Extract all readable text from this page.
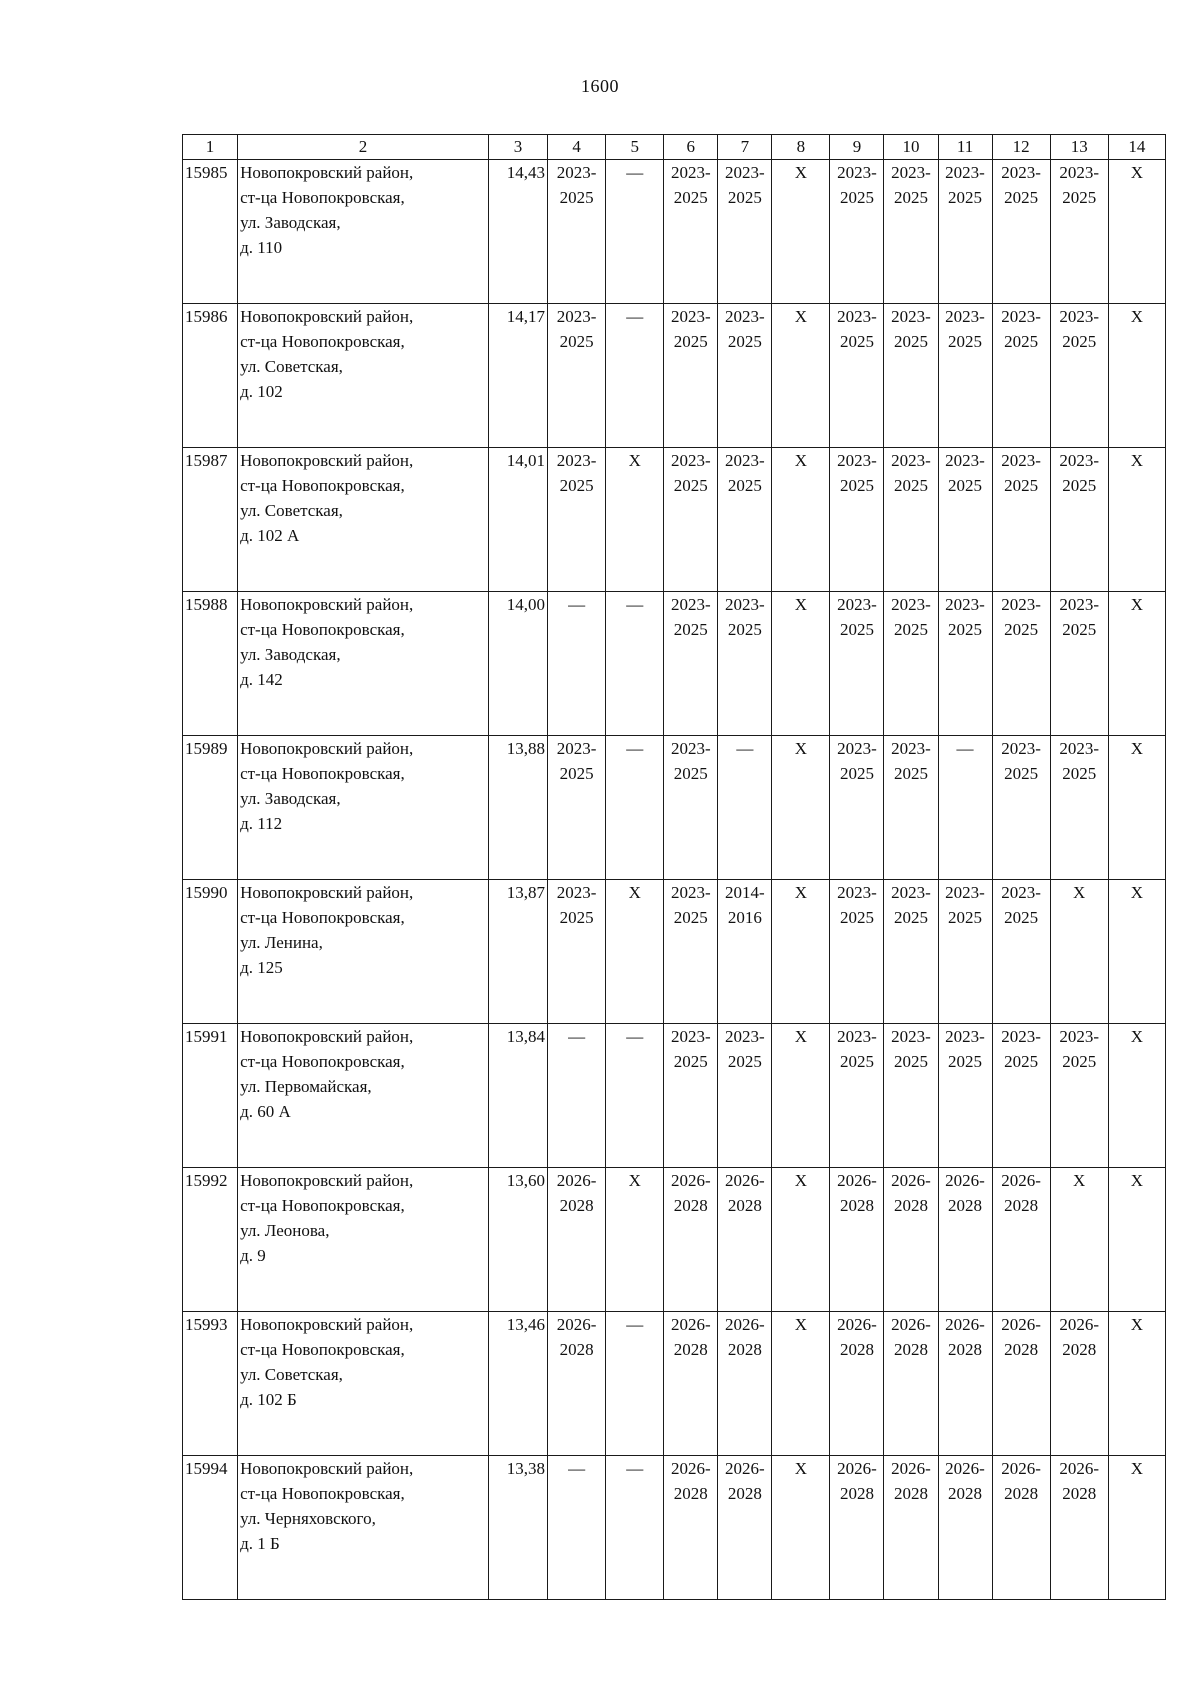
1600
1	2	3	4	5	6	7	8	9	10	11	12	13	14
15985	Новопокровский район,
ст-ца Новопокровская,
ул. Заводская,
д. 110	14,43	2023-
2025	—	2023-
2025	2023-
2025	Х	2023-
2025	2023-
2025	2023-
2025	2023-
2025	2023-
2025	Х

15986	Новопокровский район,
ст-ца Новопокровская,
ул. Советская,
д. 102	14,17	2023-
2025	—	2023-
2025	2023-
2025	Х	2023-
2025	2023-
2025	2023-
2025	2023-
2025	2023-
2025	Х

15987	Новопокровский район,
ст-ца Новопокровская,
ул. Советская,
д. 102 А	14,01	2023-
2025	Х	2023-
2025	2023-
2025	Х	2023-
2025	2023-
2025	2023-
2025	2023-
2025	2023-
2025	Х

15988	Новопокровский район,
ст-ца Новопокровская,
ул. Заводская,
д. 142	14,00	—	—	2023-
2025	2023-
2025	Х	2023-
2025	2023-
2025	2023-
2025	2023-
2025	2023-
2025	Х

15989	Новопокровский район,
ст-ца Новопокровская,
ул. Заводская,
д. 112	13,88	2023-
2025	—	2023-
2025	—	Х	2023-
2025	2023-
2025	—	2023-
2025	2023-
2025	Х

15990	Новопокровский район,
ст-ца Новопокровская,
ул. Ленина,
д. 125	13,87	2023-
2025	Х	2023-
2025	2014-
2016	Х	2023-
2025	2023-
2025	2023-
2025	2023-
2025	Х	Х

15991	Новопокровский район,
ст-ца Новопокровская,
ул. Первомайская,
д. 60 А	13,84	—	—	2023-
2025	2023-
2025	Х	2023-
2025	2023-
2025	2023-
2025	2023-
2025	2023-
2025	Х

15992	Новопокровский район,
ст-ца Новопокровская,
ул. Леонова,
д. 9	13,60	2026-
2028	Х	2026-
2028	2026-
2028	Х	2026-
2028	2026-
2028	2026-
2028	2026-
2028	Х	Х

15993	Новопокровский район,
ст-ца Новопокровская,
ул. Советская,
д. 102 Б	13,46	2026-
2028	—	2026-
2028	2026-
2028	Х	2026-
2028	2026-
2028	2026-
2028	2026-
2028	2026-
2028	Х

15994	Новопокровский район,
ст-ца Новопокровская,
ул. Черняховского,
д. 1 Б	13,38	—	—	2026-
2028	2026-
2028	Х	2026-
2028	2026-
2028	2026-
2028	2026-
2028	2026-
2028	Х
